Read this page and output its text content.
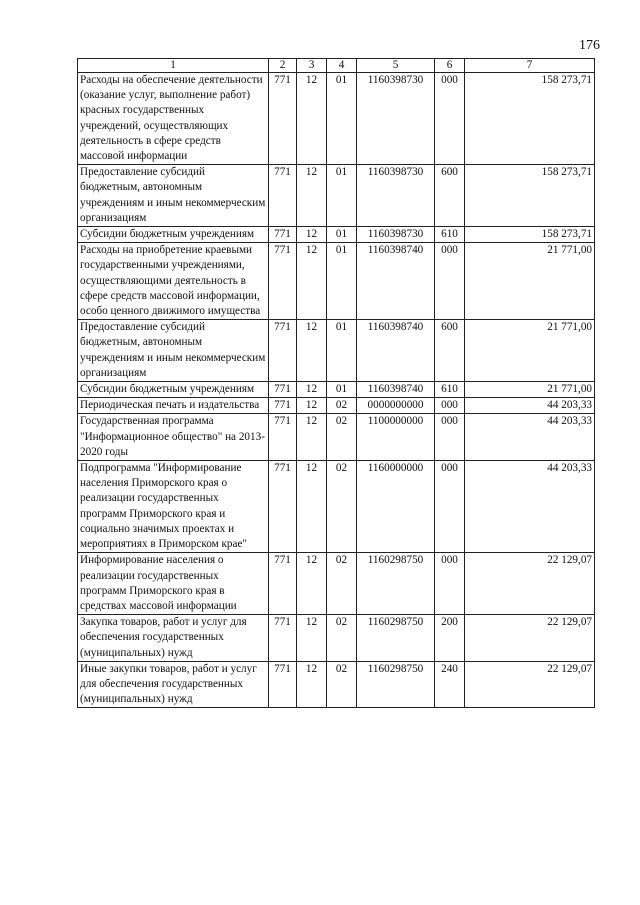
176
1	2	3	4	5	6	7
Расходы на обеспечение деятельности (оказание услуг, выполнение работ) красных государственных учреждений, осуществляющих деятельность в сфере средств массовой информации	771	12	01	1160398730	000	158 273,71
Предоставление субсидий бюджетным, автономным учреждениям и иным некоммерческим организациям	771	12	01	1160398730	600	158 273,71
Субсидии бюджетным учреждениям	771	12	01	1160398730	610	158 273,71
Расходы на приобретение краевыми государственными учреждениями, осуществляющими деятельность в сфере средств массовой информации, особо ценного движимого имущества	771	12	01	1160398740	000	21 771,00
Предоставление субсидий бюджетным, автономным учреждениям и иным некоммерческим организациям	771	12	01	1160398740	600	21 771,00
Субсидии бюджетным учреждениям	771	12	01	1160398740	610	21 771,00
Периодическая печать и издательства	771	12	02	0000000000	000	44 203,33
Государственная программа "Информационное общество" на 2013-2020 годы	771	12	02	1100000000	000	44 203,33
Подпрограмма "Информирование населения Приморского края о реализации государственных программ Приморского края и социально значимых проектах и мероприятиях в Приморском крае"	771	12	02	1160000000	000	44 203,33
Информирование населения о реализации государственных программ Приморского края в средствах массовой информации	771	12	02	1160298750	000	22 129,07
Закупка товаров, работ и услуг для обеспечения государственных (муниципальных) нужд	771	12	02	1160298750	200	22 129,07
Иные закупки товаров, работ и услуг для обеспечения государственных (муниципальных) нужд	771	12	02	1160298750	240	22 129,07
